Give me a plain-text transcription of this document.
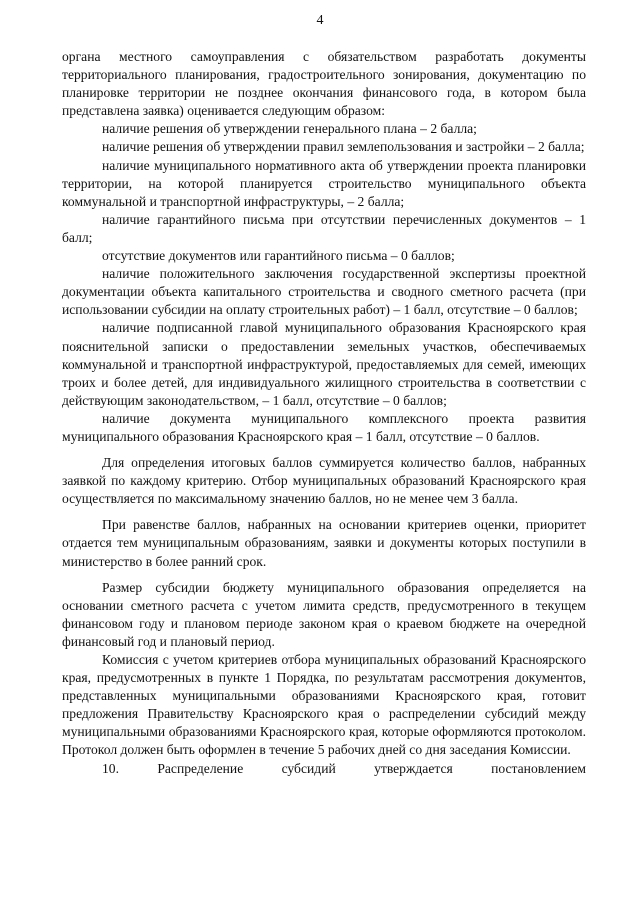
4

органа местного самоуправления с обязательством разработать документы территориального планирования, градостроительного зонирования, документацию по планировке территории не позднее окончания финансового года, в котором была представлена заявка) оценивается следующим образом:

наличие решения об утверждении генерального плана – 2 балла;

наличие решения об утверждении правил землепользования и застройки – 2 балла;

наличие муниципального нормативного акта об утверждении проекта планировки территории, на которой планируется строительство муниципального объекта коммунальной и транспортной инфраструктуры, – 2 балла;

наличие гарантийного письма при отсутствии перечисленных документов – 1 балл;

отсутствие документов или гарантийного письма – 0 баллов;

наличие положительного заключения государственной экспертизы проектной документации объекта капитального строительства и сводного сметного расчета (при использовании субсидии на оплату строительных работ) – 1 балл, отсутствие – 0 баллов;

наличие подписанной главой муниципального образования Красноярского края пояснительной записки о предоставлении земельных участков, обеспечиваемых коммунальной и транспортной инфраструктурой, предоставляемых для семей, имеющих троих и более детей, для индивидуального жилищного строительства в соответствии с действующим законодательством, – 1 балл, отсутствие – 0 баллов;

наличие документа муниципального комплексного проекта развития муниципального образования Красноярского края – 1 балл, отсутствие – 0 баллов.

Для определения итоговых баллов суммируется количество баллов, набранных заявкой по каждому критерию. Отбор муниципальных образований Красноярского края осуществляется по максимальному значению баллов, но не менее чем 3 балла.

При равенстве баллов, набранных на основании критериев оценки, приоритет отдается тем муниципальным образованиям, заявки и документы которых поступили в министерство в более ранний срок.

Размер субсидии бюджету муниципального образования определяется на основании сметного расчета с учетом лимита средств, предусмотренного в текущем финансовом году и плановом периоде законом края о краевом бюджете на очередной финансовый год и плановый период.

Комиссия с учетом критериев отбора муниципальных образований Красноярского края, предусмотренных в пункте 1 Порядка, по результатам рассмотрения документов, представленных муниципальными образованиями Красноярского края, готовит предложения Правительству Красноярского края о распределении субсидий между муниципальными образованиями Красноярского края, которые оформляются протоколом. Протокол должен быть оформлен в течение 5 рабочих дней со дня заседания Комиссии.

10. Распределение субсидий утверждается постановлением
